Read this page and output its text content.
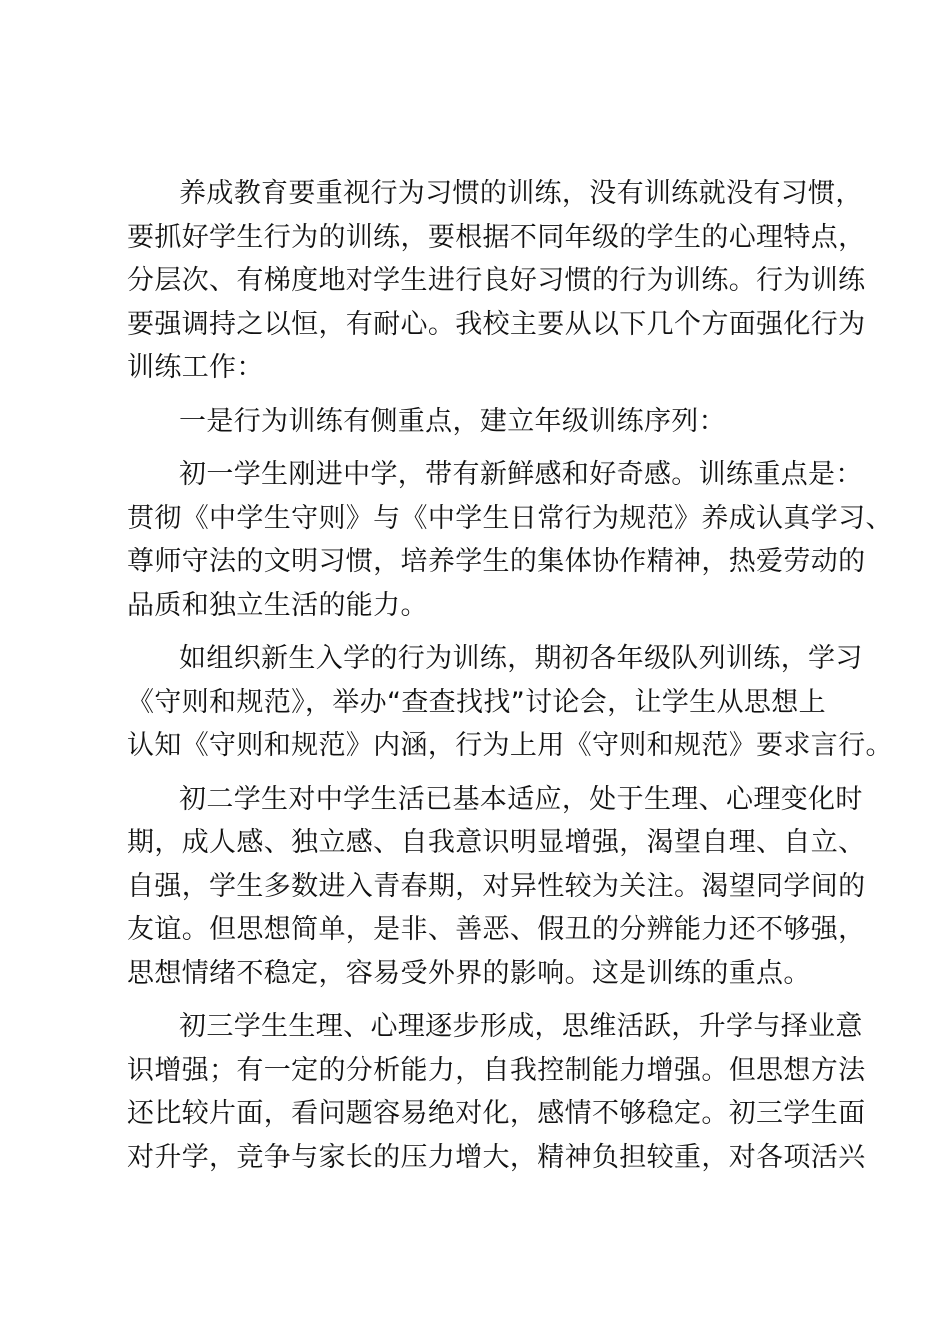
养成教育要重视行为习惯的训练，没有训练就没有习惯，
要抓好学生行为的训练，要根据不同年级的学生的心理特点，
分层次、有梯度地对学生进行良好习惯的行为训练。行为训练
要强调持之以恒，有耐心。我校主要从以下几个方面强化行为
训练工作：
一是行为训练有侧重点，建立年级训练序列：
初一学生刚进中学，带有新鲜感和好奇感。训练重点是：
贯彻《中学生守则》与《中学生日常行为规范》养成认真学习、
尊师守法的文明习惯，培养学生的集体协作精神，热爱劳动的
品质和独立生活的能力。
如组织新生入学的行为训练，期初各年级队列训练，学习
《守则和规范》，举办“查查找找”讨论会，让学生从思想上
认知《守则和规范》内涵，行为上用《守则和规范》要求言行。
初二学生对中学生活已基本适应，处于生理、心理变化时
期，成人感、独立感、自我意识明显增强，渴望自理、自立、
自强，学生多数进入青春期，对异性较为关注。渴望同学间的
友谊。但思想简单，是非、善恶、假丑的分辨能力还不够强，
思想情绪不稳定，容易受外界的影响。这是训练的重点。
初三学生生理、心理逐步形成，思维活跃，升学与择业意
识增强；有一定的分析能力，自我控制能力增强。但思想方法
还比较片面，看问题容易绝对化，感情不够稳定。初三学生面
对升学，竞争与家长的压力增大，精神负担较重，对各项活兴
